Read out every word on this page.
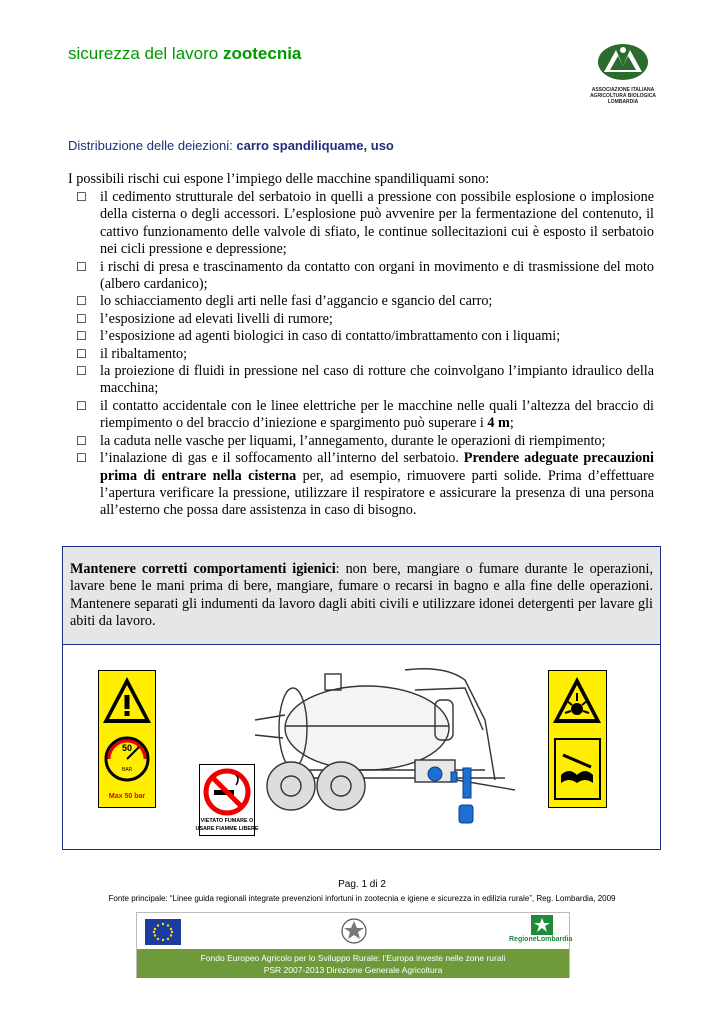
sicurezza del lavoro zootecnia
ASSOCIAZIONE ITALIANA
AGRICOLTURA BIOLOGICA
LOMBARDIA
Distribuzione delle deiezioni: carro spandiliquame, uso
I possibili rischi cui espone l’impiego delle macchine spandiliquami sono:
☐ il cedimento strutturale del serbatoio in quelli a pressione con possibile esplosione o implosione della cisterna o degli accessori. L’esplosione può avvenire per la fermentazione del contenuto, il cattivo funzionamento delle valvole di sfiato, le continue sollecitazioni cui è esposto il serbatoio nei cicli pressione e depressione;
☐ i rischi di presa e trascinamento da contatto con organi in movimento e di trasmissione del moto (albero cardanico);
☐ lo schiacciamento degli arti nelle fasi d’aggancio e sgancio del carro;
☐ l’esposizione ad elevati livelli di rumore;
☐ l’esposizione ad agenti biologici in caso di contatto/imbrattamento con i liquami;
☐ il ribaltamento;
☐ la proiezione di fluidi in pressione nel caso di rotture che coinvolgano l’impianto idraulico della macchina;
☐ il contatto accidentale con le linee elettriche per le macchine nelle quali l’altezza del braccio di riempimento o del braccio d’iniezione e spargimento può superare i 4 m;
☐ la caduta nelle vasche per liquami, l’annegamento, durante le operazioni di riempimento;
☐ l’inalazione di gas e il soffocamento all’interno del serbatoio. Prendere adeguate precauzioni prima di entrare nella cisterna per, ad esempio, rimuovere parti solide. Prima d’effettuare l’apertura verificare la pressione, utilizzare il respiratore e assicurare la presenza di una persona all’esterno che possa dare assistenza in caso di bisogno.
Mantenere corretti comportamenti igienici: non bere, mangiare o fumare durante le operazioni, lavare bene le mani prima di bere, mangiare, fumare o recarsi in bagno e alla fine delle operazioni. Mantenere separati gli indumenti da lavoro dagli abiti civili e utilizzare idonei detergenti per lavare gli abiti da lavoro.
50
BAR
Max 50 bar
VIETATO FUMARE O
USARE FIAMME LIBERE
Pag. 1 di 2
Fonte principale: “Linee guida regionali integrate prevenzioni infortuni in zootecnia e igiene e sicurezza in edilizia rurale”, Reg. Lombardia, 2009
RegioneLombardia
Fondo Europeo Agricolo per lo Sviluppo Rurale: l’Europa investe nelle zone rurali
PSR 2007-2013 Direzione Generale Agricoltura
